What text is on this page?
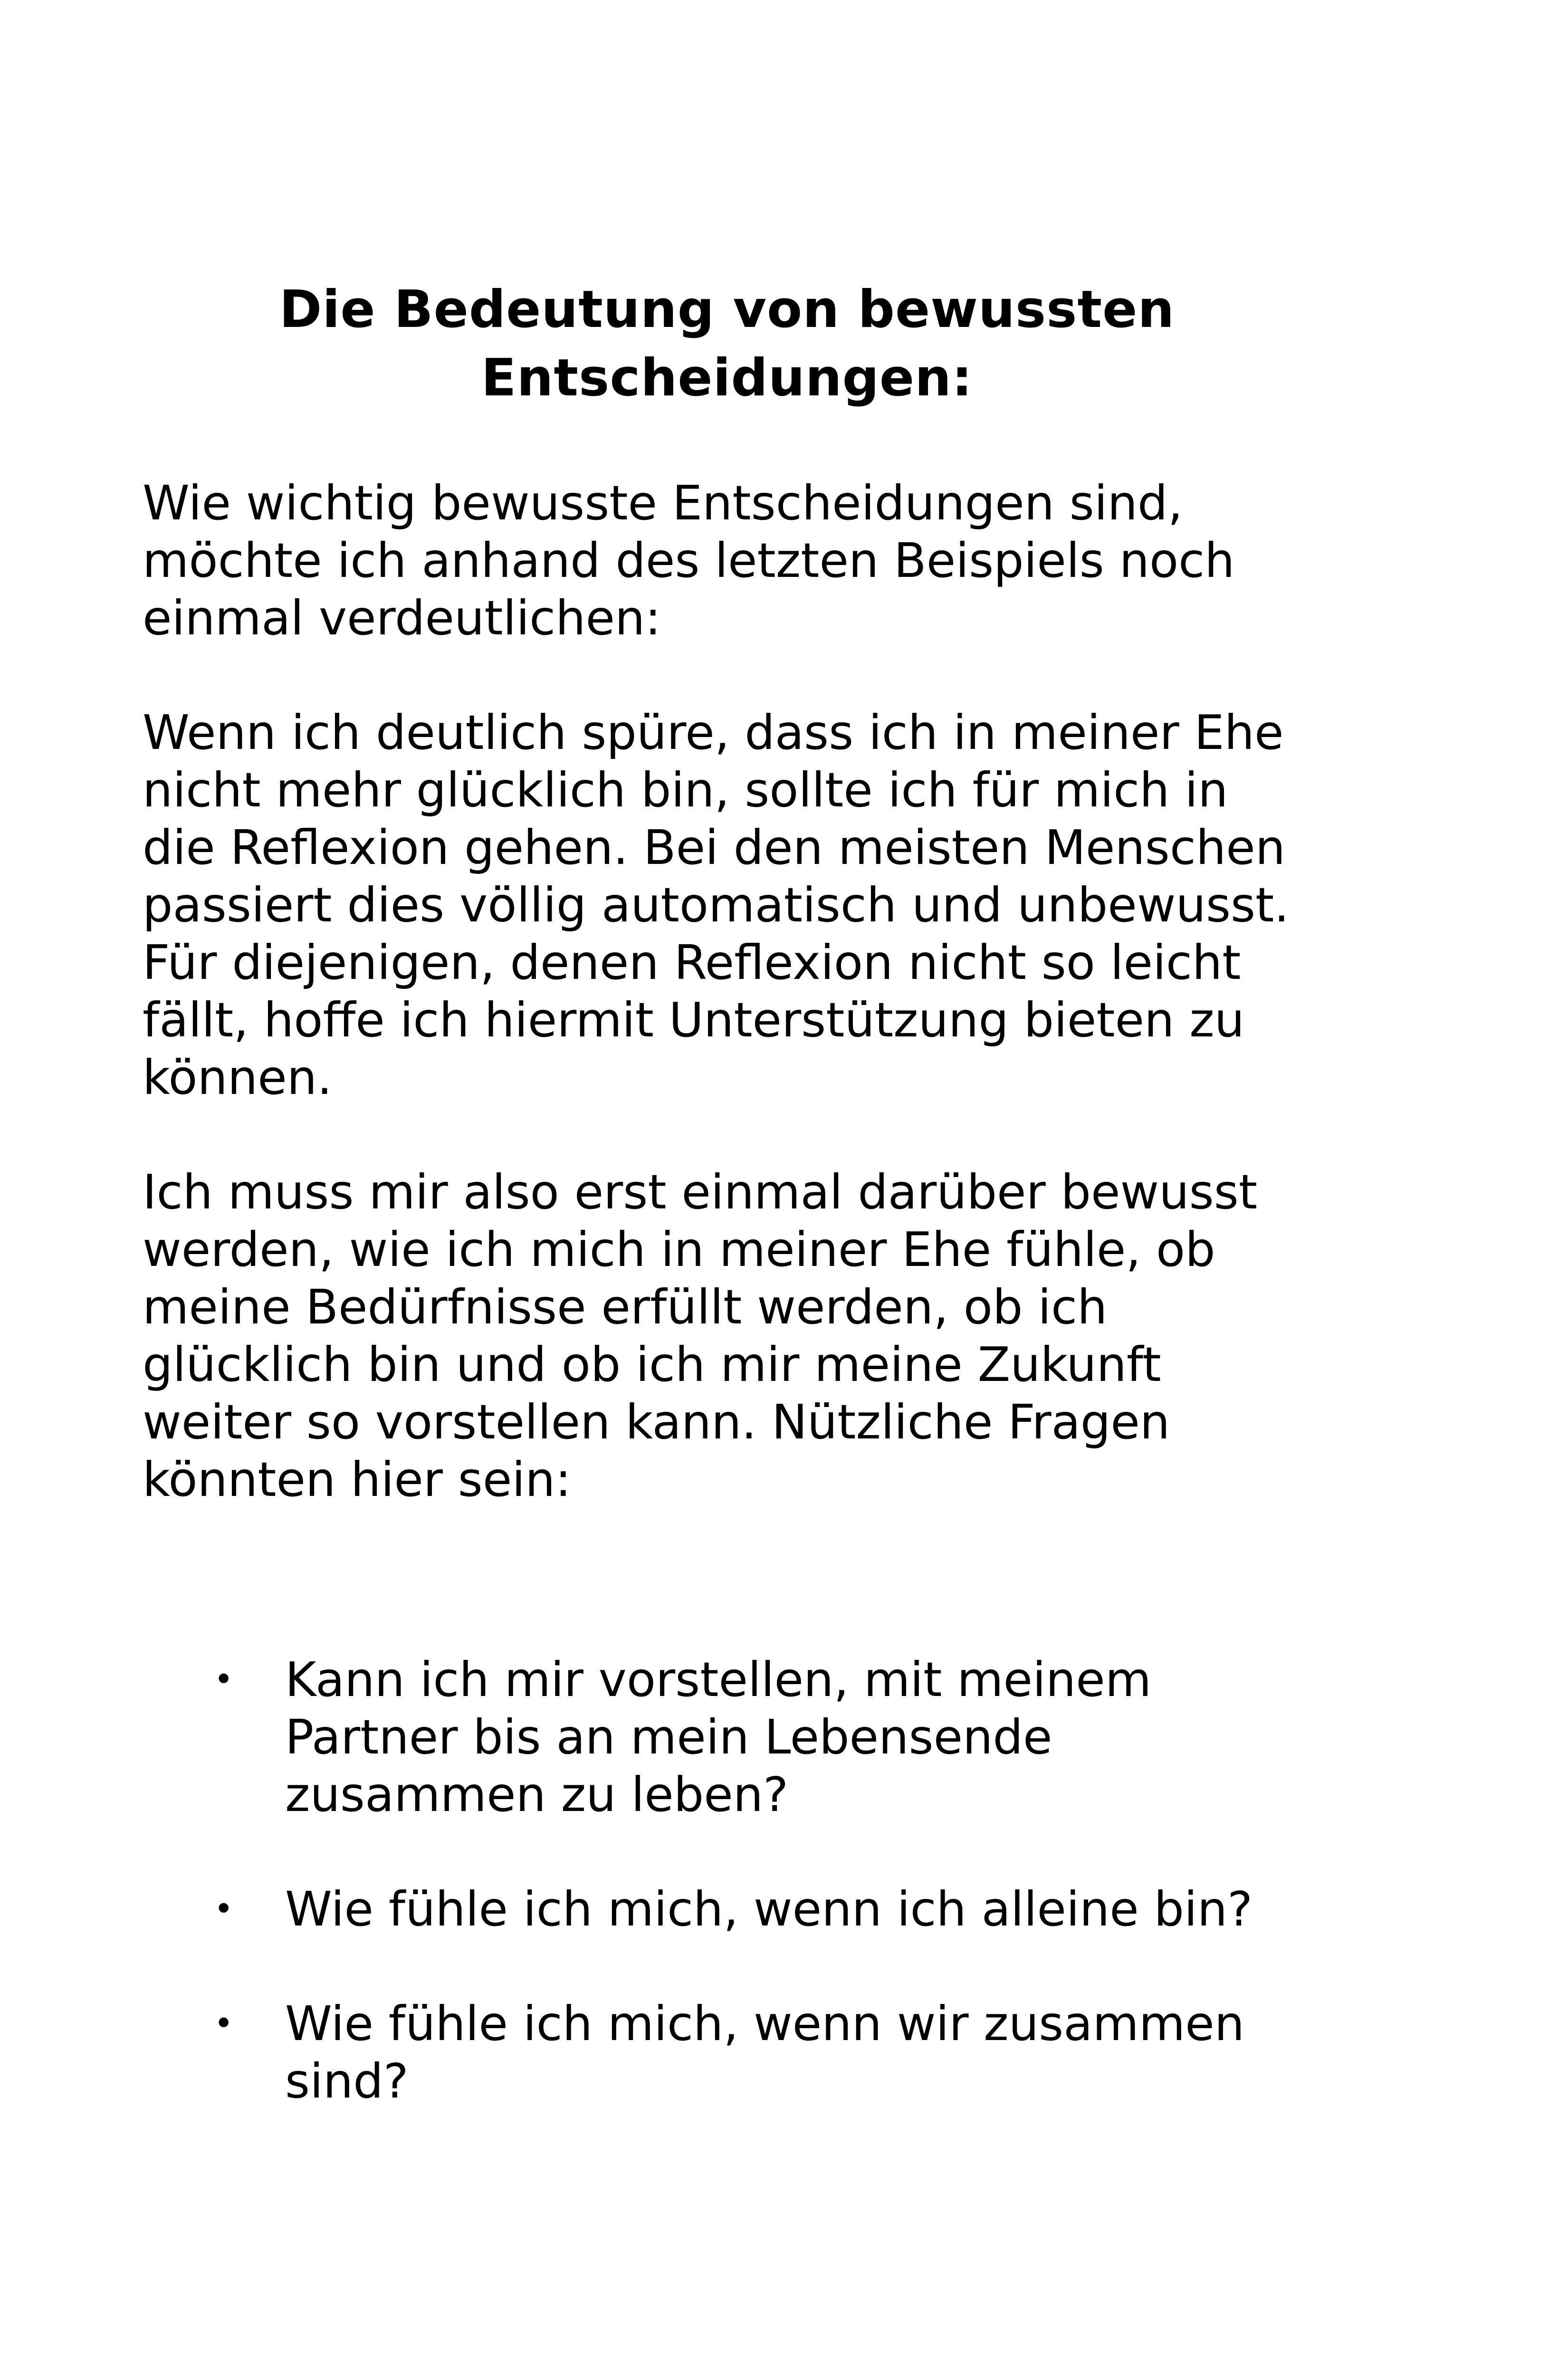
Die Bedeutung von bewussten Entscheidungen:

Wie wichtig bewusste Entscheidungen sind, möchte ich anhand des letzten Beispiels noch einmal verdeutlichen:

Wenn ich deutlich spüre, dass ich in meiner Ehe nicht mehr glücklich bin, sollte ich für mich in die Reflexion gehen. Bei den meisten Menschen passiert dies völlig automatisch und unbewusst. Für diejenigen, denen Reflexion nicht so leicht fällt, hoffe ich hiermit Unterstützung bieten zu können.

Ich muss mir also erst einmal darüber bewusst werden, wie ich mich in meiner Ehe fühle, ob meine Bedürfnisse erfüllt werden, ob ich glücklich bin und ob ich mir meine Zukunft weiter so vorstellen kann. Nützliche Fragen könnten hier sein:

• Kann ich mir vorstellen, mit meinem Partner bis an mein Lebensende zusammen zu leben?
• Wie fühle ich mich, wenn ich alleine bin?
• Wie fühle ich mich, wenn wir zusammen sind?
